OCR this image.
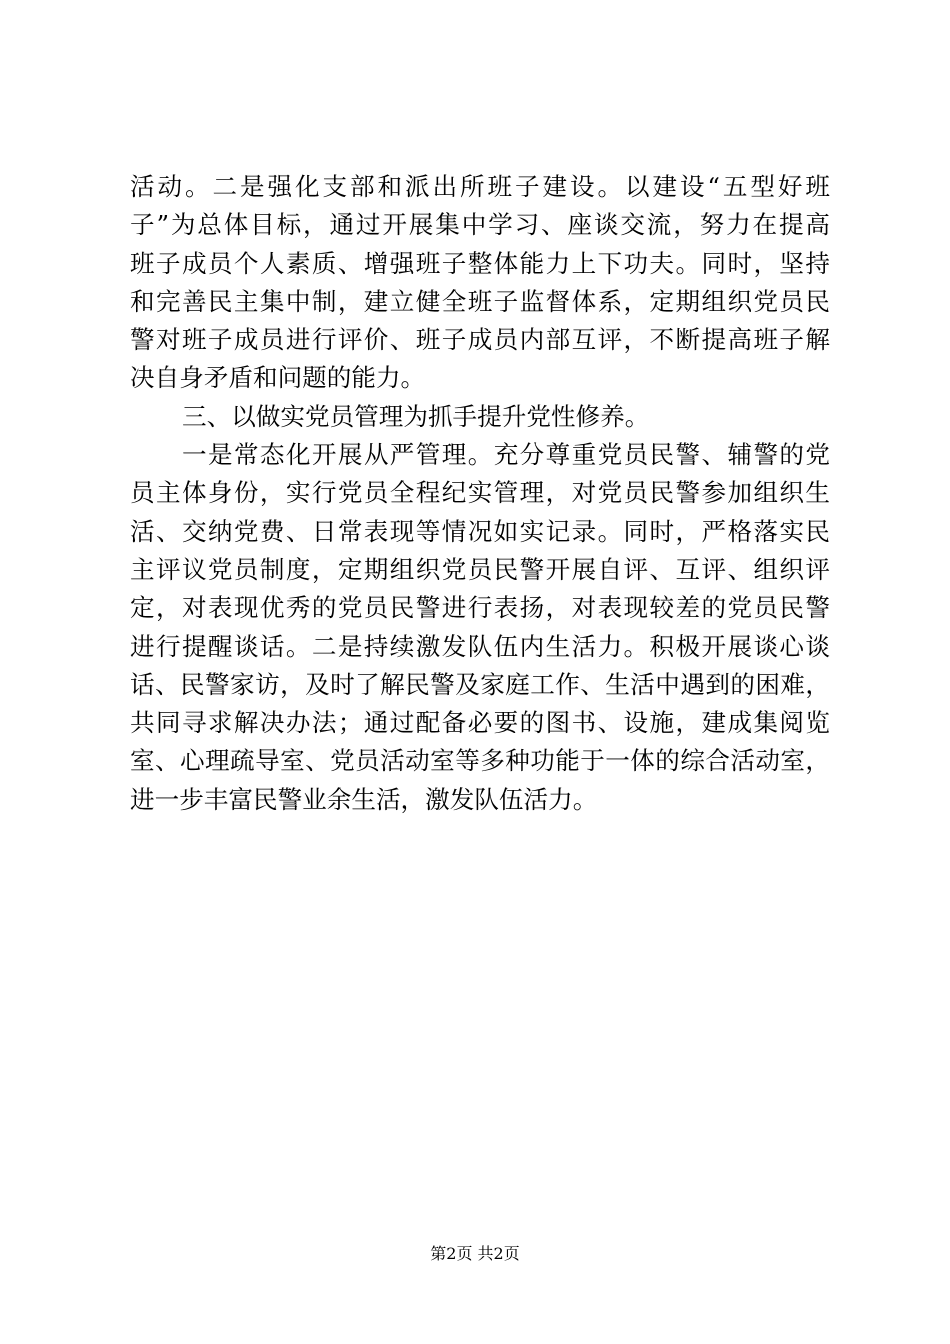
活动。二是强化支部和派出所班子建设。以建设“五型好班
子”为总体目标，通过开展集中学习、座谈交流，努力在提高
班子成员个人素质、增强班子整体能力上下功夫。同时，坚持
和完善民主集中制，建立健全班子监督体系，定期组织党员民
警对班子成员进行评价、班子成员内部互评，不断提高班子解
决自身矛盾和问题的能力。
三、以做实党员管理为抓手提升党性修养。
一是常态化开展从严管理。充分尊重党员民警、辅警的党
员主体身份，实行党员全程纪实管理，对党员民警参加组织生
活、交纳党费、日常表现等情况如实记录。同时，严格落实民
主评议党员制度，定期组织党员民警开展自评、互评、组织评
定，对表现优秀的党员民警进行表扬，对表现较差的党员民警
进行提醒谈话。二是持续激发队伍内生活力。积极开展谈心谈
话、民警家访，及时了解民警及家庭工作、生活中遇到的困难，
共同寻求解决办法；通过配备必要的图书、设施，建成集阅览
室、心理疏导室、党员活动室等多种功能于一体的综合活动室，
进一步丰富民警业余生活，激发队伍活力。
第2页 共2页
